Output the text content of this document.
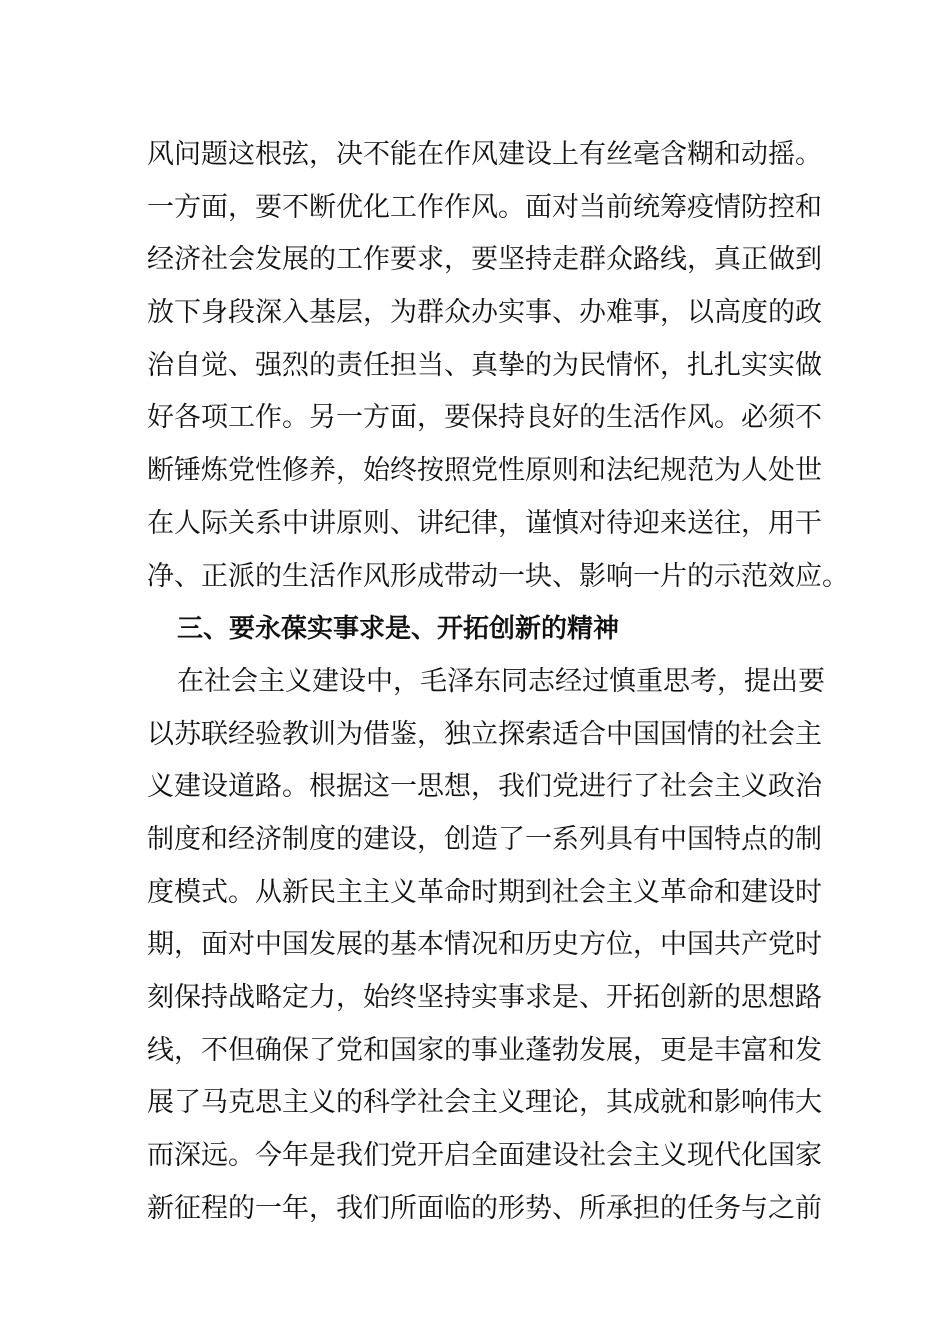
风问题这根弦，决不能在作风建设上有丝毫含糊和动摇。
一方面，要不断优化工作作风。面对当前统筹疫情防控和
经济社会发展的工作要求，要坚持走群众路线，真正做到
放下身段深入基层，为群众办实事、办难事，以高度的政
治自觉、强烈的责任担当、真挚的为民情怀，扎扎实实做
好各项工作。另一方面，要保持良好的生活作风。必须不
断锤炼党性修养，始终按照党性原则和法纪规范为人处世
在人际关系中讲原则、讲纪律，谨慎对待迎来送往，用干
净、正派的生活作风形成带动一块、影响一片的示范效应。
三、要永葆实事求是、开拓创新的精神
在社会主义建设中，毛泽东同志经过慎重思考，提出要
以苏联经验教训为借鉴，独立探索适合中国国情的社会主
义建设道路。根据这一思想，我们党进行了社会主义政治
制度和经济制度的建设，创造了一系列具有中国特点的制
度模式。从新民主主义革命时期到社会主义革命和建设时
期，面对中国发展的基本情况和历史方位，中国共产党时
刻保持战略定力，始终坚持实事求是、开拓创新的思想路
线，不但确保了党和国家的事业蓬勃发展，更是丰富和发
展了马克思主义的科学社会主义理论，其成就和影响伟大
而深远。今年是我们党开启全面建设社会主义现代化国家
新征程的一年，我们所面临的形势、所承担的任务与之前
